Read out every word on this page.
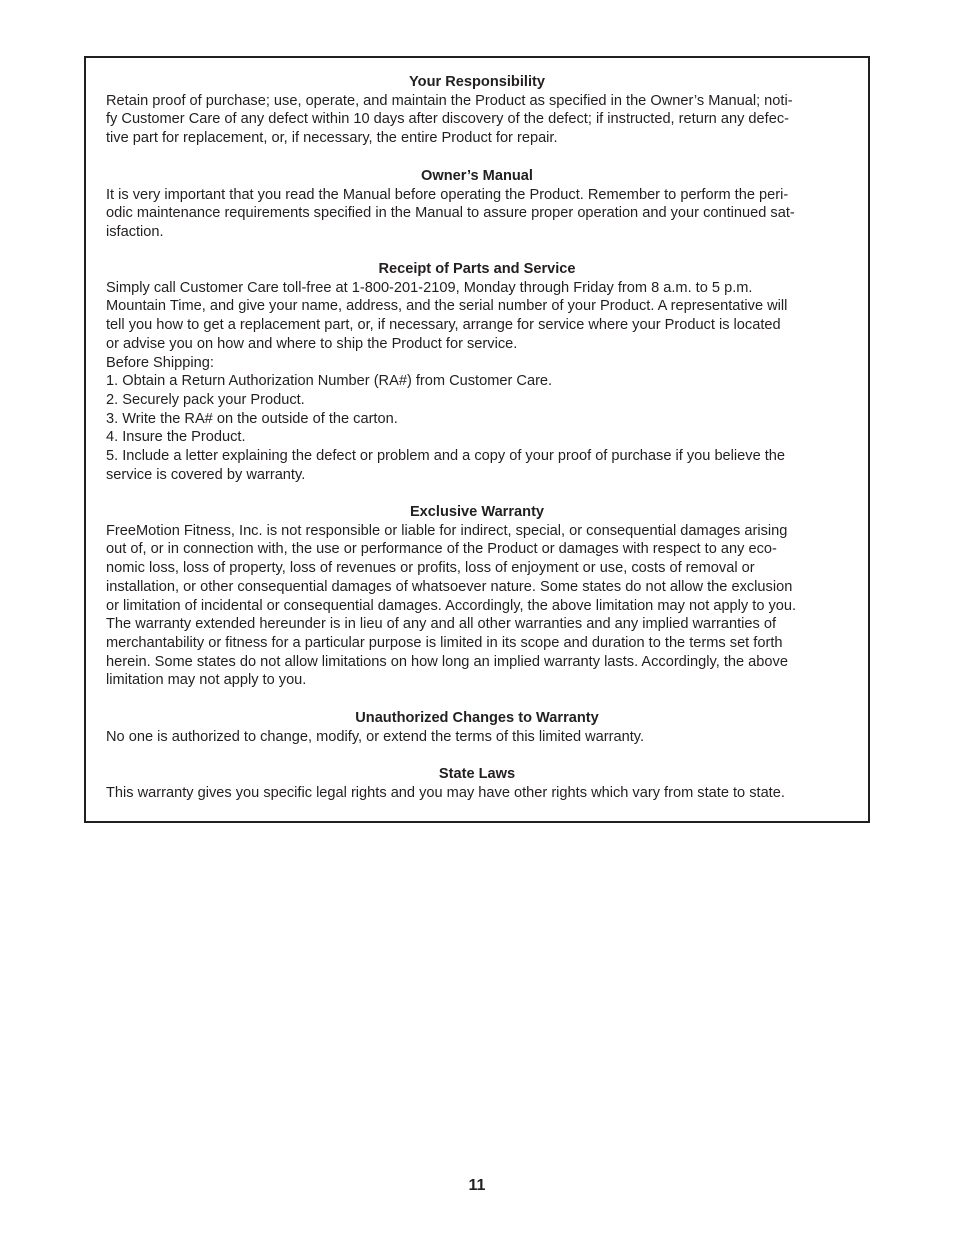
Your Responsibility
Retain proof of purchase; use, operate, and maintain the Product as specified in the Owner’s Manual; noti-
fy Customer Care of any defect within 10 days after discovery of the defect; if instructed, return any defec-
tive part for replacement, or, if necessary, the entire Product for repair.
Owner’s Manual
It is very important that you read the Manual before operating the Product. Remember to perform the peri-
odic maintenance requirements specified in the Manual to assure proper operation and your continued sat-
isfaction.
Receipt of Parts and Service
Simply call Customer Care toll-free at 1-800-201-2109, Monday through Friday from 8 a.m. to 5 p.m.
Mountain Time, and give your name, address, and the serial number of your Product. A representative will
tell you how to get a replacement part, or, if necessary, arrange for service where your Product is located
or advise you on how and where to ship the Product for service.
Before Shipping:
1. Obtain a Return Authorization Number (RA#) from Customer Care.
2. Securely pack your Product.
3. Write the RA# on the outside of the carton.
4. Insure the Product.
5. Include a letter explaining the defect or problem and a copy of your proof of purchase if you believe the
service is covered by warranty.
Exclusive Warranty
FreeMotion Fitness, Inc. is not responsible or liable for indirect, special, or consequential damages arising
out of, or in connection with, the use or performance of the Product or damages with respect to any eco-
nomic loss, loss of property, loss of revenues or profits, loss of enjoyment or use, costs of removal or
installation, or other consequential damages of whatsoever nature. Some states do not allow the exclusion
or limitation of incidental or consequential damages. Accordingly, the above limitation may not apply to you.
The warranty extended hereunder is in lieu of any and all other warranties and any implied warranties of
merchantability or fitness for a particular purpose is limited in its scope and duration to the terms set forth
herein. Some states do not allow limitations on how long an implied warranty lasts. Accordingly, the above
limitation may not apply to you.
Unauthorized Changes to Warranty
No one is authorized to change, modify, or extend the terms of this limited warranty.
State Laws
This warranty gives you specific legal rights and you may have other rights which vary from state to state.
11
